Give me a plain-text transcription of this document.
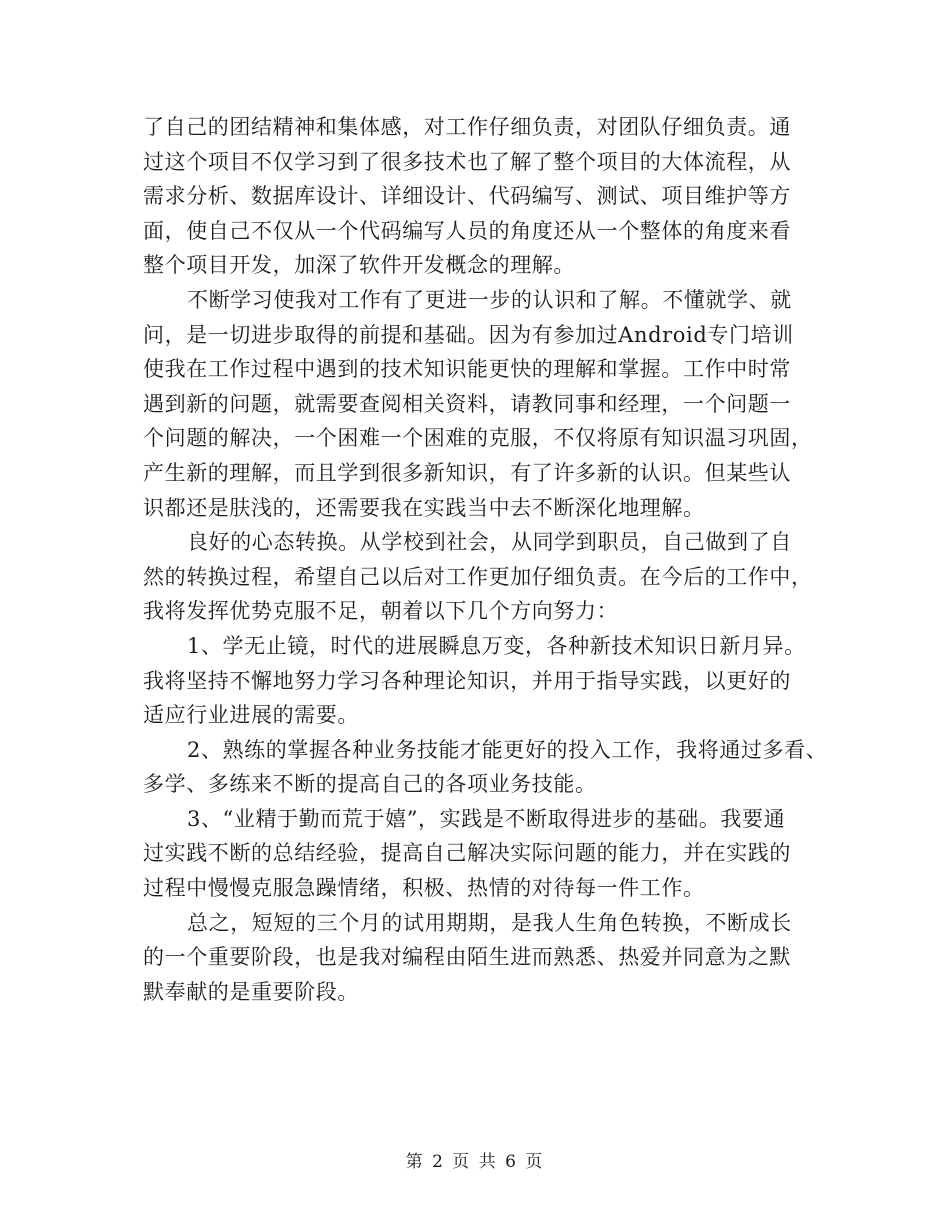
了自己的团结精神和集体感，对工作仔细负责，对团队仔细负责。通
过这个项目不仅学习到了很多技术也了解了整个项目的大体流程，从
需求分析、数据库设计、详细设计、代码编写、测试、项目维护等方
面，使自己不仅从一个代码编写人员的角度还从一个整体的角度来看
整个项目开发，加深了软件开发概念的理解。
不断学习使我对工作有了更进一步的认识和了解。不懂就学、就
问，是一切进步取得的前提和基础。因为有参加过Android专门培训
使我在工作过程中遇到的技术知识能更快的理解和掌握。工作中时常
遇到新的问题，就需要查阅相关资料，请教同事和经理，一个问题一
个问题的解决，一个困难一个困难的克服，不仅将原有知识温习巩固，
产生新的理解，而且学到很多新知识，有了许多新的认识。但某些认
识都还是肤浅的，还需要我在实践当中去不断深化地理解。
良好的心态转换。从学校到社会，从同学到职员，自己做到了自
然的转换过程，希望自己以后对工作更加仔细负责。在今后的工作中，
我将发挥优势克服不足，朝着以下几个方向努力：
1、学无止镜，时代的进展瞬息万变，各种新技术知识日新月异。
我将坚持不懈地努力学习各种理论知识，并用于指导实践，以更好的
适应行业进展的需要。
2、熟练的掌握各种业务技能才能更好的投入工作，我将通过多看、
多学、多练来不断的提高自己的各项业务技能。
3、“业精于勤而荒于嬉”，实践是不断取得进步的基础。我要通
过实践不断的总结经验，提高自己解决实际问题的能力，并在实践的
过程中慢慢克服急躁情绪，积极、热情的对待每一件工作。
总之，短短的三个月的试用期期，是我人生角色转换，不断成长
的一个重要阶段，也是我对编程由陌生进而熟悉、热爱并同意为之默
默奉献的是重要阶段。
第 2 页 共 6 页
